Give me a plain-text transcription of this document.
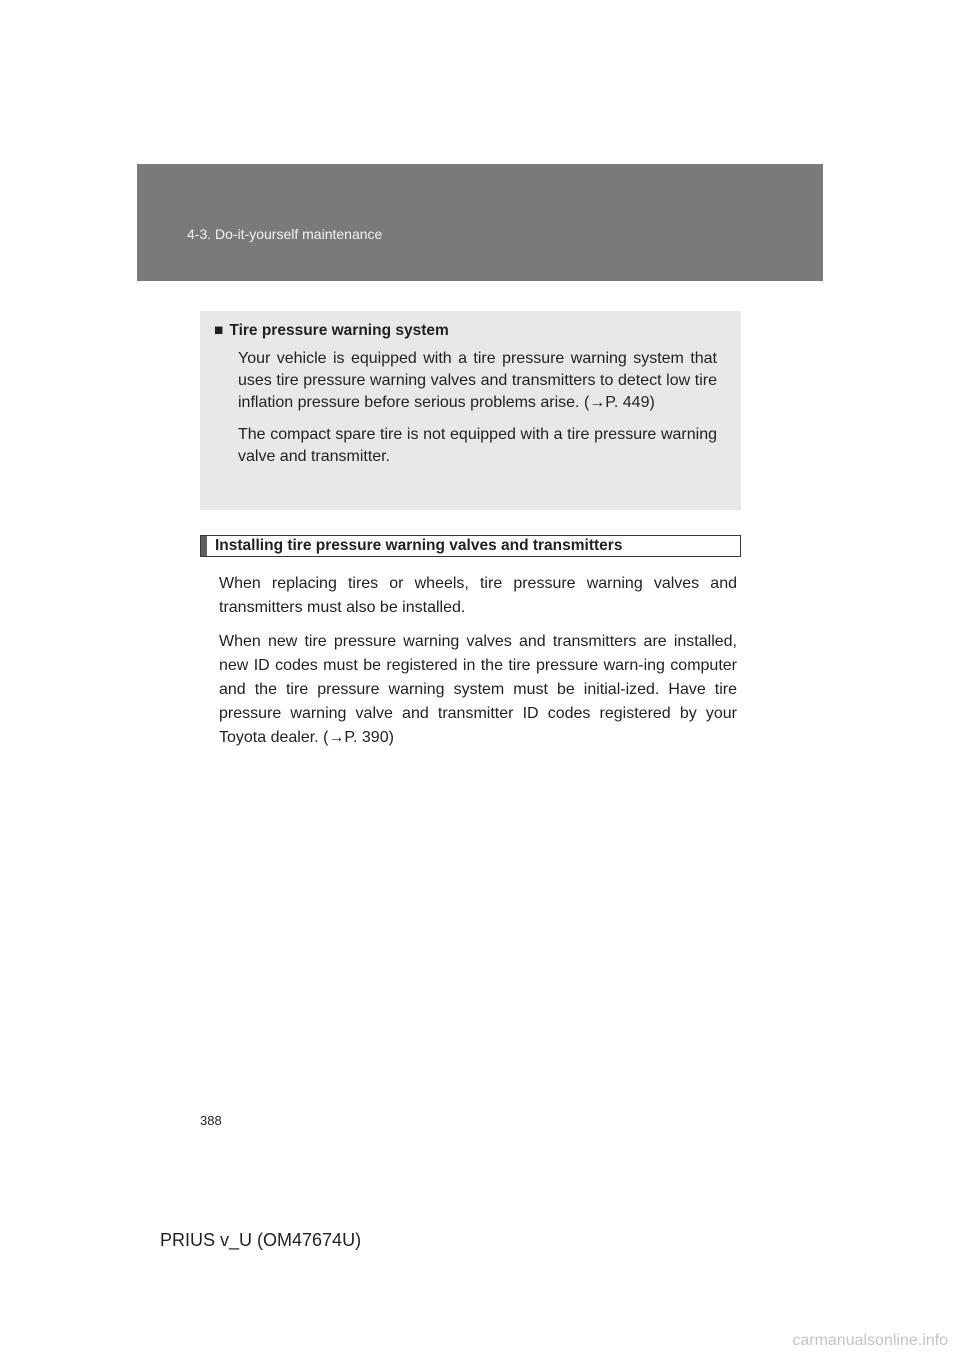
4-3. Do-it-yourself maintenance
■ Tire pressure warning system

Your vehicle is equipped with a tire pressure warning system that uses tire pressure warning valves and transmitters to detect low tire inflation pressure before serious problems arise. (→P. 449)

The compact spare tire is not equipped with a tire pressure warning valve and transmitter.

Installing tire pressure warning valves and transmitters

When replacing tires or wheels, tire pressure warning valves and transmitters must also be installed.

When new tire pressure warning valves and transmitters are installed, new ID codes must be registered in the tire pressure warn-ing computer and the tire pressure warning system must be initial-ized. Have tire pressure warning valve and transmitter ID codes registered by your Toyota dealer. (→P. 390)

388
PRIUS v_U (OM47674U)
carmanualsonline.info
